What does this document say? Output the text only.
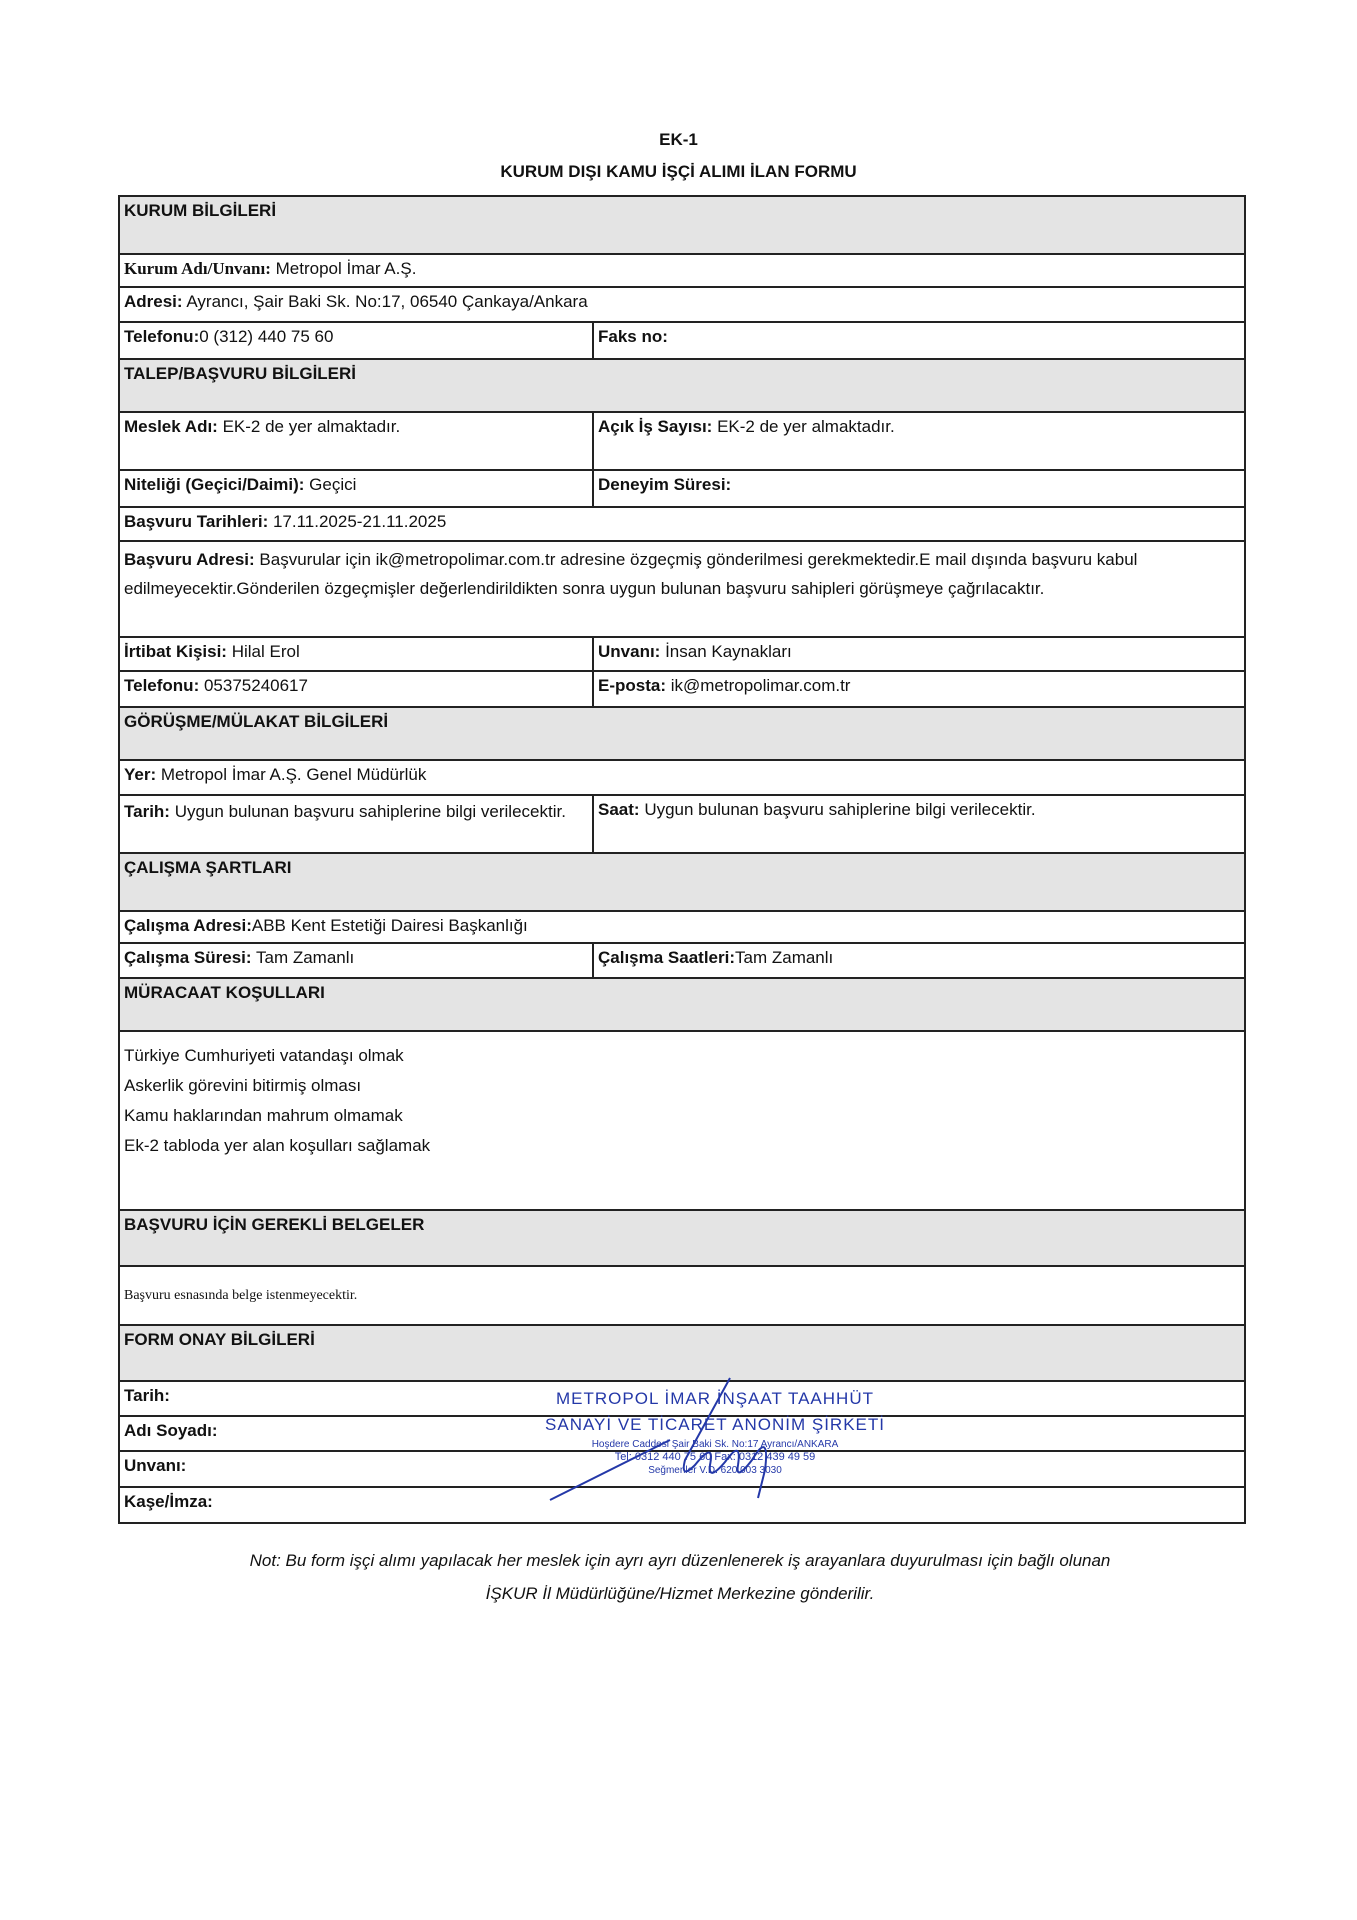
EK-1
KURUM DIŞI KAMU İŞÇİ ALIMI İLAN FORMU
KURUM BİLGİLERİ
Kurum Adı/Unvanı: Metropol İmar A.Ş.
Adresi: Ayrancı, Şair Baki Sk. No:17, 06540 Çankaya/Ankara
Telefonu:0 (312) 440 75 60	Faks no:
TALEP/BAŞVURU BİLGİLERİ
Meslek Adı: EK-2 de yer almaktadır.	Açık İş Sayısı: EK-2 de yer almaktadır.
Niteliği (Geçici/Daimi): Geçici	Deneyim Süresi:
Başvuru Tarihleri: 17.11.2025-21.11.2025
Başvuru Adresi: Başvurular için ik@metropolimar.com.tr adresine özgeçmiş gönderilmesi gerekmektedir.E mail dışında başvuru kabul edilmeyecektir.Gönderilen özgeçmişler değerlendirildikten sonra uygun bulunan başvuru sahipleri görüşmeye çağrılacaktır.
İrtibat Kişisi: Hilal Erol	Unvanı: İnsan Kaynakları
Telefonu: 05375240617	E-posta: ik@metropolimar.com.tr
GÖRÜŞME/MÜLAKAT BİLGİLERİ
Yer: Metropol İmar A.Ş. Genel Müdürlük
Tarih: Uygun bulunan başvuru sahiplerine bilgi verilecektir.	Saat: Uygun bulunan başvuru sahiplerine bilgi verilecektir.
ÇALIŞMA ŞARTLARI
Çalışma Adresi:ABB Kent Estetiği Dairesi Başkanlığı
Çalışma Süresi: Tam Zamanlı	Çalışma Saatleri:Tam Zamanlı
MÜRACAAT KOŞULLARI
Türkiye Cumhuriyeti vatandaşı olmak
Askerlik görevini bitirmiş olması
Kamu haklarından mahrum olmamak
Ek-2 tabloda yer alan koşulları sağlamak
BAŞVURU İÇİN GEREKLİ BELGELER
Başvuru esnasında belge istenmeyecektir.
FORM ONAY BİLGİLERİ
Tarih:
Adı Soyadı:
Unvanı:
Kaşe/İmza:
METROPOL İMAR İNŞAAT TAAHHÜT
SANAYİ VE TİCARET ANONİM ŞİRKETİ
Hoşdere Caddesi Şair Baki Sk. No:17 Ayrancı/ANKARA
Tel: 0312 440 75 60 Fax: 0312 439 49 59
Seğmenler V.D. 620 003 3030
Not: Bu form işçi alımı yapılacak her meslek için ayrı ayrı düzenlenerek iş arayanlara duyurulması için bağlı olunan
İŞKUR İl Müdürlüğüne/Hizmet Merkezine gönderilir.
